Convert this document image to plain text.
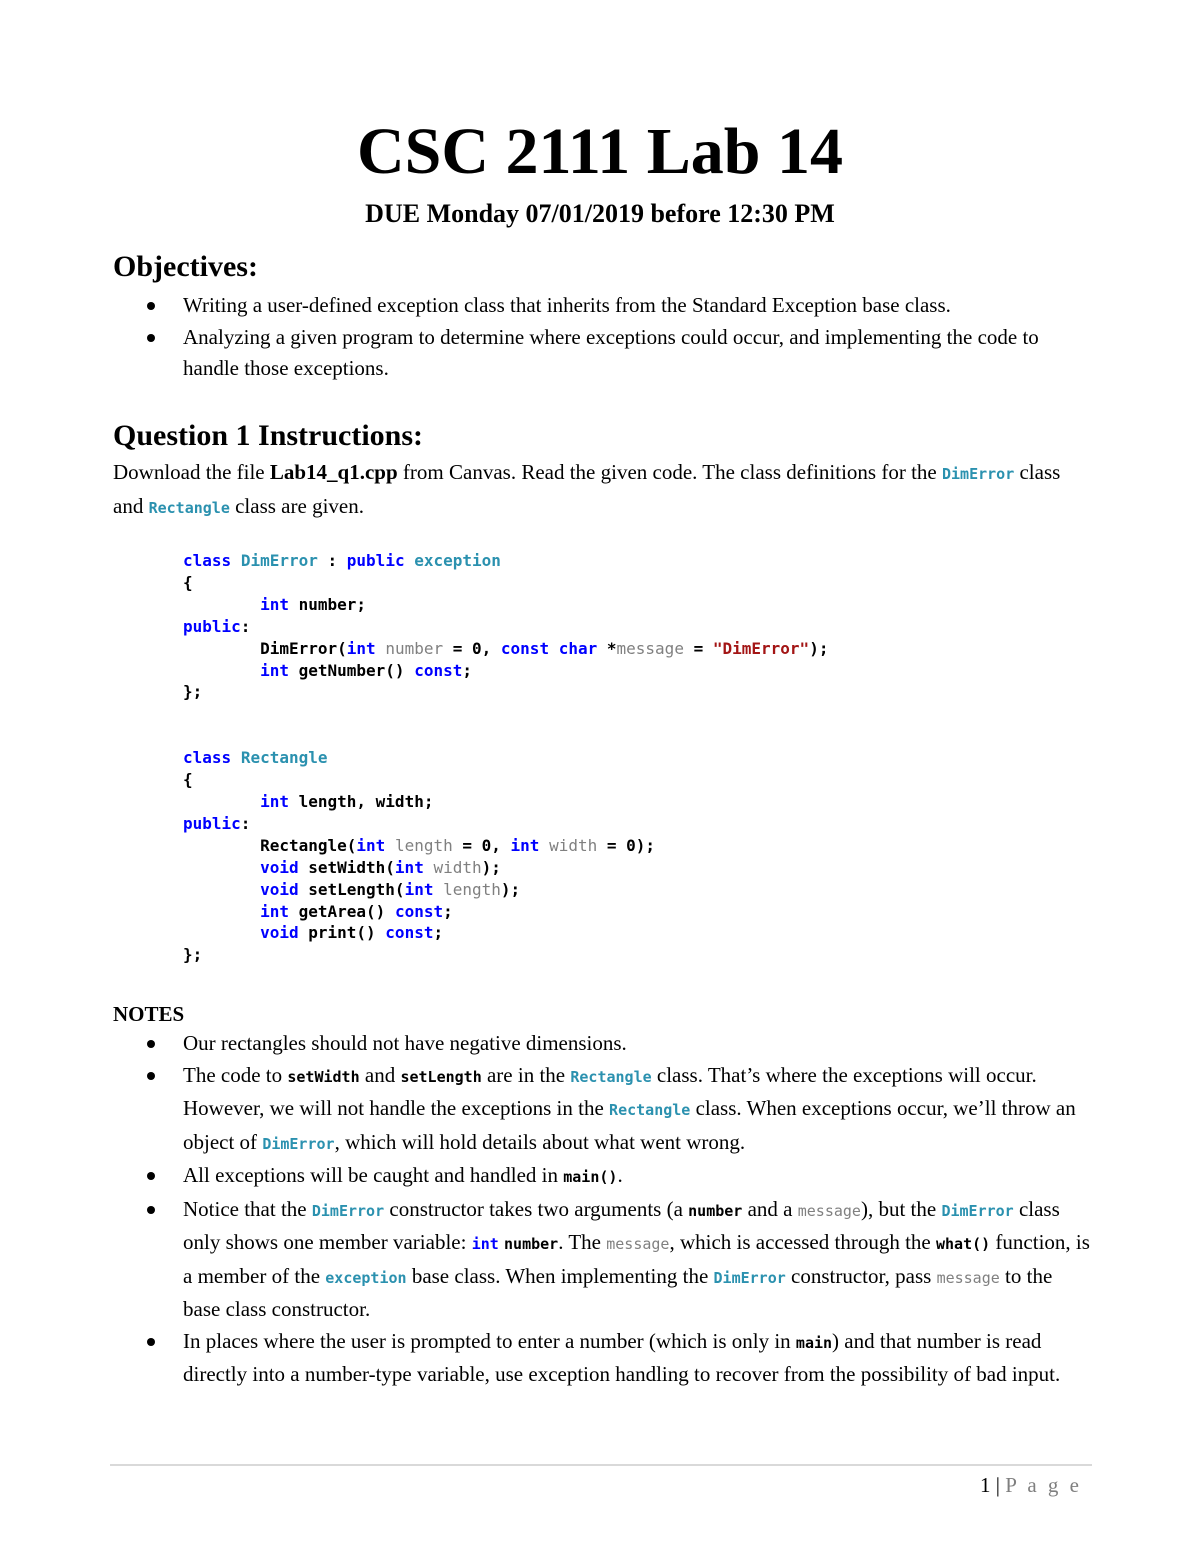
CSC 2111 Lab 14
DUE Monday 07/01/2019 before 12:30 PM
Objectives:
Writing a user-defined exception class that inherits from the Standard Exception base class.
Analyzing a given program to determine where exceptions could occur, and implementing the code to handle those exceptions.
Question 1 Instructions:
Download the file Lab14_q1.cpp from Canvas. Read the given code. The class definitions for the DimError class and Rectangle class are given.
class DimError : public exception
{
int number;
public:
DimError(int number = 0, const char *message = "DimError");
int getNumber() const;
};

class Rectangle
{
int length, width;
public:
Rectangle(int length = 0, int width = 0);
void setWidth(int width);
void setLength(int length);
int getArea() const;
void print() const;
};
NOTES
Our rectangles should not have negative dimensions.
The code to setWidth and setLength are in the Rectangle class. That’s where the exceptions will occur. However, we will not handle the exceptions in the Rectangle class. When exceptions occur, we’ll throw an object of DimError, which will hold details about what went wrong.
All exceptions will be caught and handled in main().
Notice that the DimError constructor takes two arguments (a number and a message), but the DimError class only shows one member variable: int number. The message, which is accessed through the what() function, is a member of the exception base class. When implementing the DimError constructor, pass message to the base class constructor.
In places where the user is prompted to enter a number (which is only in main) and that number is read directly into a number-type variable, use exception handling to recover from the possibility of bad input.
1 | P a g e
